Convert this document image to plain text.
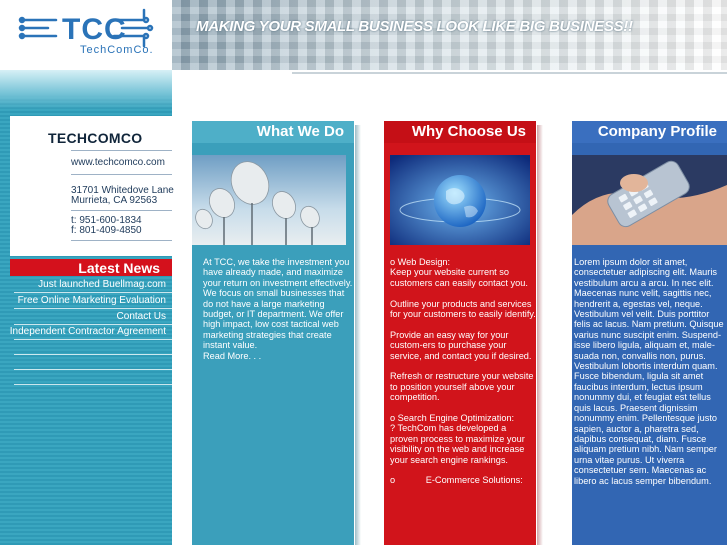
TCC
TechComCo.
MAKING YOUR SMALL BUSINESS LOOK LIKE BIG BUSINESS!!
TECHCOMCO
www.techcomco.com
31701 Whitedove Lane
Murrieta, CA 92563
t: 951-600-1834
f: 801-409-4850
Latest News
Just launched Buellmag.com
Free Online Marketing Evaluation
Contact Us
Independent Contractor Agreement
What We Do

At TCC, we take the investment you have already made, and maximize your return on investment effectively. We focus on small businesses that do not have a large marketing budget, or IT department. We offer high impact, low cost tactical web marketing strategies that create instant value.

Read More. . .

Why Choose Us

o Web Design:
Keep your website current so customers can easily contact you.

Outline your products and services for your customers to easily identify.

Provide an easy way for your custom-ers to purchase your service, and contact you if desired.

Refresh or restructure your website to position yourself above your competition.

o Search Engine Optimization:
? TechCom has developed a proven process to maximize your visibility on the web and increase your search engine rankings.

o            E-Commerce Solutions:

Company Profile

Lorem ipsum dolor sit amet, consectetuer adipiscing elit. Mauris vestibulum arcu a arcu. In nec elit. Maecenas nunc velit, sagittis nec, hendrerit a, egestas vel, neque. Vestibulum vel velit. Duis porttitor felis ac lacus. Nam pretium. Quisque varius nunc suscipit enim. Suspend-isse libero ligula, aliquam et, male-suada non, convallis non, purus. Vestibulum lobortis interdum quam. Fusce bibendum, ligula sit amet faucibus interdum, lectus ipsum nonummy dui, et feugiat est tellus quis lacus. Praesent dignissim nonummy enim. Pellentesque justo sapien, auctor a, pharetra sed, dapibus consequat, diam. Fusce aliquam pretium nibh. Nam semper urna vitae purus. Ut viverra consectetuer sem. Maecenas ac libero ac lacus semper bibendum.
